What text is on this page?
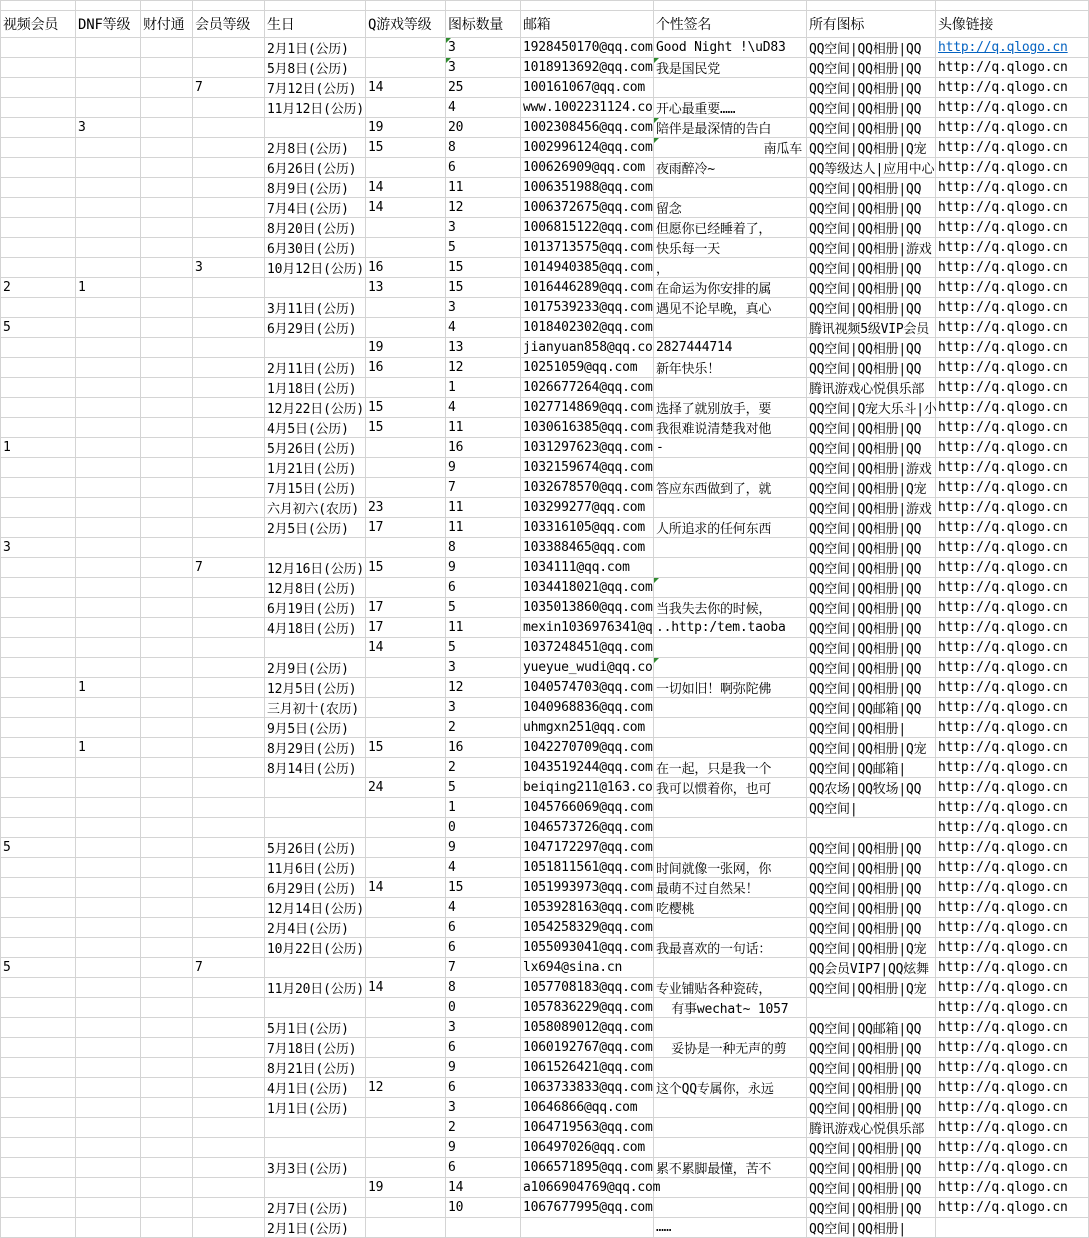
视频会员	DNF等级	财付通	会员等级	生日	Q游戏等级	图标数量	邮箱	个性签名	所有图标	头像链接
				2月1日(公历)		3	1928450170@qq.com	Good Night !\uD83	QQ空间|QQ相册|QQ	http://q.qlogo.cn
				5月8日(公历)		3	1018913692@qq.com	我是国民党	QQ空间|QQ相册|QQ	http://q.qlogo.cn
			7	7月12日(公历)	14	25	100161067@qq.com		QQ空间|QQ相册|QQ	http://q.qlogo.cn
				11月12日(公历)		4	www.1002231124.co	开心最重要……	QQ空间|QQ相册|QQ	http://q.qlogo.cn
	3				19	20	1002308456@qq.com	陪伴是最深情的告白	QQ空间|QQ相册|QQ	http://q.qlogo.cn
				2月8日(公历)	15	8	1002996124@qq.com	南瓜车	QQ空间|QQ相册|Q宠	http://q.qlogo.cn
				6月26日(公历)		6	100626909@qq.com	夜雨醉冷~	QQ等级达人|应用中心	http://q.qlogo.cn
				8月9日(公历)	14	11	1006351988@qq.com		QQ空间|QQ相册|QQ	http://q.qlogo.cn
				7月4日(公历)	14	12	1006372675@qq.com	留念	QQ空间|QQ相册|QQ	http://q.qlogo.cn
				8月20日(公历)		3	1006815122@qq.com	但愿你已经睡着了，	QQ空间|QQ相册|QQ	http://q.qlogo.cn
				6月30日(公历)		5	1013713575@qq.com	快乐每一天	QQ空间|QQ相册|游戏	http://q.qlogo.cn
			3	10月12日(公历)	16	15	1014940385@qq.com	，	QQ空间|QQ相册|QQ	http://q.qlogo.cn
2	1				13	15	1016446289@qq.com	在命运为你安排的属	QQ空间|QQ相册|QQ	http://q.qlogo.cn
				3月11日(公历)		3	1017539233@qq.com	遇见不论早晚，真心	QQ空间|QQ相册|QQ	http://q.qlogo.cn
5				6月29日(公历)		4	1018402302@qq.com		腾讯视频5级VIP会员	http://q.qlogo.cn
					19	13	jianyuan858@qq.co	2827444714	QQ空间|QQ相册|QQ	http://q.qlogo.cn
				2月11日(公历)	16	12	10251059@qq.com	新年快乐！	QQ空间|QQ相册|QQ	http://q.qlogo.cn
				1月18日(公历)		1	1026677264@qq.com		腾讯游戏心悦俱乐部	http://q.qlogo.cn
				12月22日(公历)	15	4	1027714869@qq.com	选择了就别放手，要	QQ空间|Q宠大乐斗|小	http://q.qlogo.cn
				4月5日(公历)	15	11	1030616385@qq.com	我很难说清楚我对他	QQ空间|QQ相册|QQ	http://q.qlogo.cn
1				5月26日(公历)		16	1031297623@qq.com	-	QQ空间|QQ相册|QQ	http://q.qlogo.cn
				1月21日(公历)		9	1032159674@qq.com		QQ空间|QQ相册|游戏	http://q.qlogo.cn
				7月15日(公历)		7	1032678570@qq.com	答应东西做到了，就	QQ空间|QQ相册|Q宠	http://q.qlogo.cn
				六月初六(农历)	23	11	103299277@qq.com		QQ空间|QQ相册|游戏	http://q.qlogo.cn
				2月5日(公历)	17	11	103316105@qq.com	人所追求的任何东西	QQ空间|QQ相册|QQ	http://q.qlogo.cn
3						8	103388465@qq.com		QQ空间|QQ相册|QQ	http://q.qlogo.cn
			7	12月16日(公历)	15	9	1034111@qq.com		QQ空间|QQ相册|QQ	http://q.qlogo.cn
				12月8日(公历)		6	1034418021@qq.com		QQ空间|QQ相册|QQ	http://q.qlogo.cn
				6月19日(公历)	17	5	1035013860@qq.com	当我失去你的时候，	QQ空间|QQ相册|QQ	http://q.qlogo.cn
				4月18日(公历)	17	11	mexin1036976341@q	..http:/tem.taoba	QQ空间|QQ相册|QQ	http://q.qlogo.cn
					14	5	1037248451@qq.com		QQ空间|QQ相册|QQ	http://q.qlogo.cn
				2月9日(公历)		3	yueyue_wudi@qq.co		QQ空间|QQ相册|QQ	http://q.qlogo.cn
	1			12月5日(公历)		12	1040574703@qq.com	一切如旧！啊弥陀佛	QQ空间|QQ相册|QQ	http://q.qlogo.cn
				三月初十(农历)		3	1040968836@qq.com		QQ空间|QQ邮箱|QQ	http://q.qlogo.cn
				9月5日(公历)		2	uhmgxn251@qq.com		QQ空间|QQ相册|	http://q.qlogo.cn
	1			8月29日(公历)	15	16	1042270709@qq.com		QQ空间|QQ相册|Q宠	http://q.qlogo.cn
				8月14日(公历)		2	1043519244@qq.com	在一起，只是我一个	QQ空间|QQ邮箱|	http://q.qlogo.cn
					24	5	beiqing211@163.co	我可以惯着你，也可	QQ农场|QQ牧场|QQ	http://q.qlogo.cn
						1	1045766069@qq.com		QQ空间|	http://q.qlogo.cn
						0	1046573726@qq.com			http://q.qlogo.cn
5				5月26日(公历)		9	1047172297@qq.com		QQ空间|QQ相册|QQ	http://q.qlogo.cn
				11月6日(公历)		4	1051811561@qq.com	时间就像一张网，你	QQ空间|QQ相册|QQ	http://q.qlogo.cn
				6月29日(公历)	14	15	1051993973@qq.com	最萌不过自然呆！	QQ空间|QQ相册|QQ	http://q.qlogo.cn
				12月14日(公历)		4	1053928163@qq.com	吃樱桃	QQ空间|QQ相册|QQ	http://q.qlogo.cn
				2月4日(公历)		6	1054258329@qq.com		QQ空间|QQ相册|QQ	http://q.qlogo.cn
				10月22日(公历)		6	1055093041@qq.com	我最喜欢的一句话：	QQ空间|QQ相册|Q宠	http://q.qlogo.cn
5			7			7	lx694@sina.cn		QQ会员VIP7|QQ炫舞	http://q.qlogo.cn
				11月20日(公历)	14	8	1057708183@qq.com	专业铺贴各种瓷砖，	QQ空间|QQ相册|Q宠	http://q.qlogo.cn
						0	1057836229@qq.com	有事wechat~ 1057		http://q.qlogo.cn
				5月1日(公历)		3	1058089012@qq.com		QQ空间|QQ邮箱|QQ	http://q.qlogo.cn
				7月18日(公历)		6	1060192767@qq.com	妥协是一种无声的剪	QQ空间|QQ相册|QQ	http://q.qlogo.cn
				8月21日(公历)		9	1061526421@qq.com		QQ空间|QQ相册|QQ	http://q.qlogo.cn
				4月1日(公历)	12	6	1063733833@qq.com	这个QQ专属你，永远	QQ空间|QQ相册|QQ	http://q.qlogo.cn
				1月1日(公历)		3	10646866@qq.com		QQ空间|QQ相册|QQ	http://q.qlogo.cn
						2	1064719563@qq.com		腾讯游戏心悦俱乐部	http://q.qlogo.cn
						9	106497026@qq.com		QQ空间|QQ相册|QQ	http://q.qlogo.cn
				3月3日(公历)		6	1066571895@qq.com	累不累脚最懂，苦不	QQ空间|QQ相册|QQ	http://q.qlogo.cn
					19	14	a1066904769@qq.com		QQ空间|QQ相册|QQ	http://q.qlogo.cn
				2月7日(公历)		10	1067677995@qq.com		QQ空间|QQ相册|QQ	http://q.qlogo.cn
				2月1日(公历)				……	QQ空间|QQ相册|	
